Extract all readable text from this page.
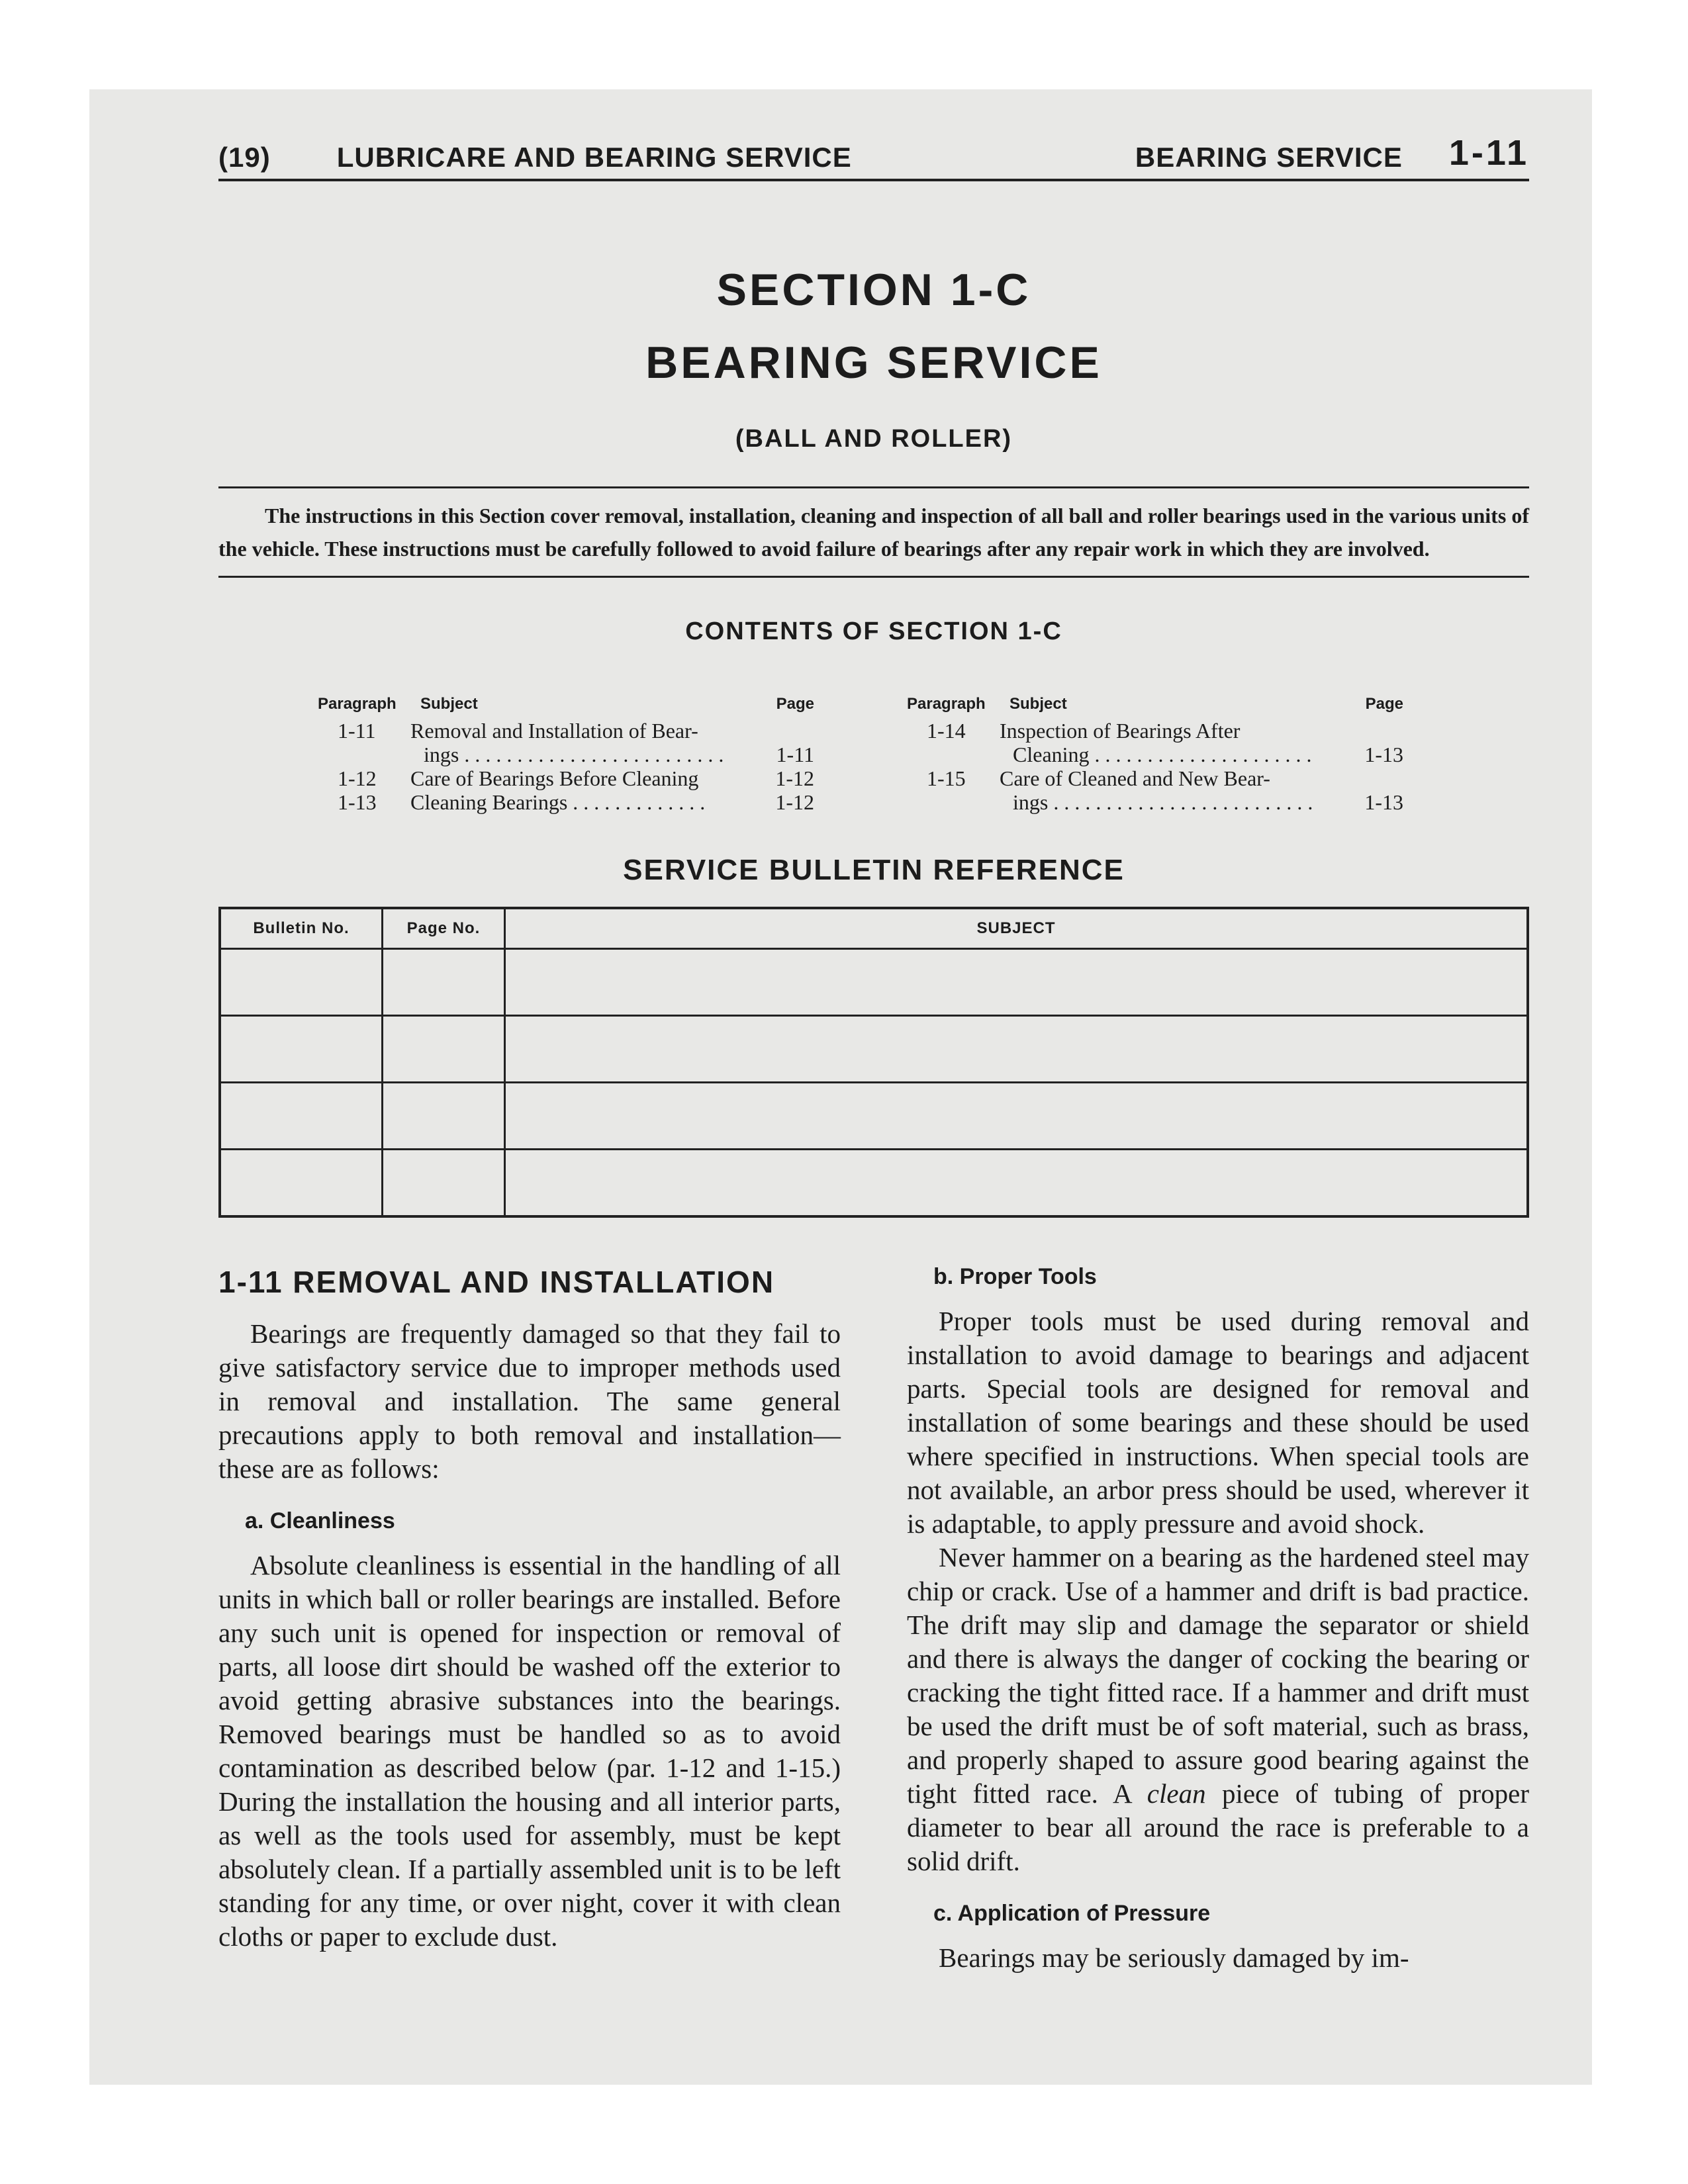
(19) LUBRICARE AND BEARING SERVICE	BEARING SERVICE 1-11
SECTION 1-C
BEARING SERVICE
(BALL AND ROLLER)
The instructions in this Section cover removal, installation, cleaning and inspection of all ball and roller bearings used in the various units of the vehicle. These instructions must be carefully followed to avoid failure of bearings after any repair work in which they are involved.
CONTENTS OF SECTION 1-C
Paragraph	Subject	Page
1-11	Removal and Installation of Bear-
ings . . . . . . . . . . . . . . . . . . . . . . . . .	1-11
1-12	Care of Bearings Before Cleaning	1-12
1-13	Cleaning Bearings . . . . . . . . . . . . .	1-12
Paragraph	Subject	Page
1-14	Inspection of Bearings After
Cleaning . . . . . . . . . . . . . . . . . . . . .	1-13
1-15	Care of Cleaned and New Bear-
ings . . . . . . . . . . . . . . . . . . . . . . . . .	1-13
SERVICE BULLETIN REFERENCE
Bulletin No.	Page No.	SUBJECT

1-11 REMOVAL AND INSTALLATION

Bearings are frequently damaged so that they fail to give satisfactory service due to improper methods used in removal and installation. The same general precautions apply to both removal and installation—these are as follows:

a. Cleanliness

Absolute cleanliness is essential in the handling of all units in which ball or roller bearings are installed. Before any such unit is opened for inspection or removal of parts, all loose dirt should be washed off the exterior to avoid getting abrasive substances into the bearings. Removed bearings must be handled so as to avoid contamination as described below (par. 1-12 and 1-15.) During the installation the housing and all interior parts, as well as the tools used for assembly, must be kept absolutely clean. If a partially assembled unit is to be left standing for any time, or over night, cover it with clean cloths or paper to exclude dust.

b. Proper Tools

Proper tools must be used during removal and installation to avoid damage to bearings and adjacent parts. Special tools are designed for removal and installation of some bearings and these should be used where specified in instructions. When special tools are not available, an arbor press should be used, wherever it is adaptable, to apply pressure and avoid shock.

Never hammer on a bearing as the hardened steel may chip or crack. Use of a hammer and drift is bad practice. The drift may slip and damage the separator or shield and there is always the danger of cocking the bearing or cracking the tight fitted race. If a hammer and drift must be used the drift must be of soft material, such as brass, and properly shaped to assure good bearing against the tight fitted race. A clean piece of tubing of proper diameter to bear all around the race is preferable to a solid drift.

c. Application of Pressure

Bearings may be seriously damaged by im-
